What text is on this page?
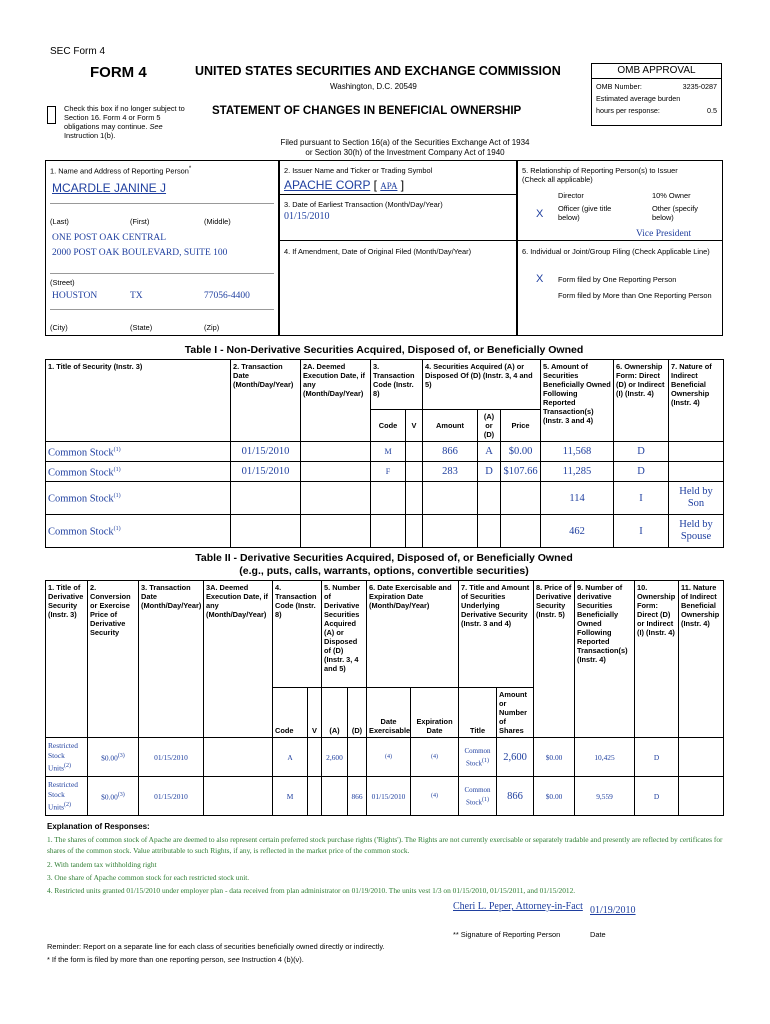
SEC Form 4
FORM 4	UNITED STATES SECURITIES AND EXCHANGE COMMISSION
Washington, D.C. 20549
STATEMENT OF CHANGES IN BENEFICIAL OWNERSHIP
Check this box if no longer subject to Section 16. Form 4 or Form 5 obligations may continue. See Instruction 1(b).
Filed pursuant to Section 16(a) of the Securities Exchange Act of 1934
or Section 30(h) of the Investment Company Act of 1940
OMB APPROVAL
OMB Number:	3235-0287
Estimated average burden
hours per response:	0.5
1. Name and Address of Reporting Person*
MCARDLE JANINE J
(Last)	(First)	(Middle)
ONE POST OAK CENTRAL
2000 POST OAK BOULEVARD, SUITE 100
(Street)
HOUSTON	TX	77056-4400
(City)	(State)	(Zip)
2. Issuer Name and Ticker or Trading Symbol
APACHE CORP [ APA ]
3. Date of Earliest Transaction (Month/Day/Year)
01/15/2010
4. If Amendment, Date of Original Filed (Month/Day/Year)
5. Relationship of Reporting Person(s) to Issuer
(Check all applicable)
Director	10% Owner
X Officer (give title below)
Other (specify below)
Vice President
6. Individual or Joint/Group Filing (Check Applicable Line)
X Form filed by One Reporting Person
Form filed by More than One Reporting Person
Table I - Non-Derivative Securities Acquired, Disposed of, or Beneficially Owned
1. Title of Security (Instr. 3)	2. Transaction Date (Month/Day/Year)	2A. Deemed Execution Date, if any (Month/Day/Year)	3. Transaction Code (Instr. 8)		4. Securities Acquired (A) or Disposed Of (D) (Instr. 3, 4 and 5)			5. Amount of Securities Beneficially Owned Following Reported Transaction(s) (Instr. 3 and 4)	6. Ownership Form: Direct (D) or Indirect (I) (Instr. 4)	7. Nature of Indirect Beneficial Ownership (Instr. 4)
			Code	V	Amount	(A) or (D)	Price			
Common Stock$^{(1)}$	01/15/2010		M		866	A	$0.00	11,568	D	
Common Stock$^{(1)}$	01/15/2010		F		283	D	$107.66	11,285	D	
Common Stock$^{(1)}$								114	I	Held by Son
Common Stock$^{(1)}$								462	I	Held by Spouse
Table II - Derivative Securities Acquired, Disposed of, or Beneficially Owned
(e.g., puts, calls, warrants, options, convertible securities)
1. Title of Derivative Security (Instr. 3)	2. Conversion or Exercise Price of Derivative Security	3. Transaction Date (Month/Day/Year)	3A. Deemed Execution Date, if any (Month/Day/Year)	4. Transaction Code (Instr. 8)		5. Number of Derivative Securities Acquired (A) or Disposed of (D) (Instr. 3, 4 and 5)		6. Date Exercisable and Expiration Date (Month/Day/Year)		7. Title and Amount of Securities Underlying Derivative Security (Instr. 3 and 4)		8. Price of Derivative Security (Instr. 5)	9. Number of derivative Securities Beneficially Owned Following Reported Transaction(s) (Instr. 4)	10. Ownership Form: Direct (D) or Indirect (I) (Instr. 4)	11. Nature of Indirect Beneficial Ownership (Instr. 4)
				Code	V	(A)	(D)	Date Exercisable	Expiration Date	Title	Amount or Number of Shares				
Restricted Stock Units$^{(2)}$	$0.00$^{(3)}$	01/15/2010		A		2,600		(4)	(4)	Common Stock(1)	2,600	$0.00	10,425	D	
Restricted Stock Units$^{(2)}$	$0.00$^{(3)}$	01/15/2010		M			866	01/15/2010	(4)	Common Stock(1)	866	$0.00	9,559	D	
Explanation of Responses:
1. The shares of common stock of Apache are deemed to also represent certain preferred stock purchase rights ('Rights'). The Rights are not currently exercisable or separately tradable and presently are reflected by certificates for shares of the common stock. Value attributable to such Rights, if any, is reflected in the market price of the common stock.
2. With tandem tax withholding right
3. One share of Apache common stock for each restricted stock unit.
4. Restricted units granted 01/15/2010 under employer plan - data received from plan administrator on 01/19/2010. The units vest 1/3 on 01/15/2010, 01/15/2011, and 01/15/2012.
Cheri L. Peper, Attorney-in-Fact 01/19/2010
** Signature of Reporting Person	Date
Reminder: Report on a separate line for each class of securities beneficially owned directly or indirectly.
* If the form is filed by more than one reporting person, see Instruction 4 (b)(v).
